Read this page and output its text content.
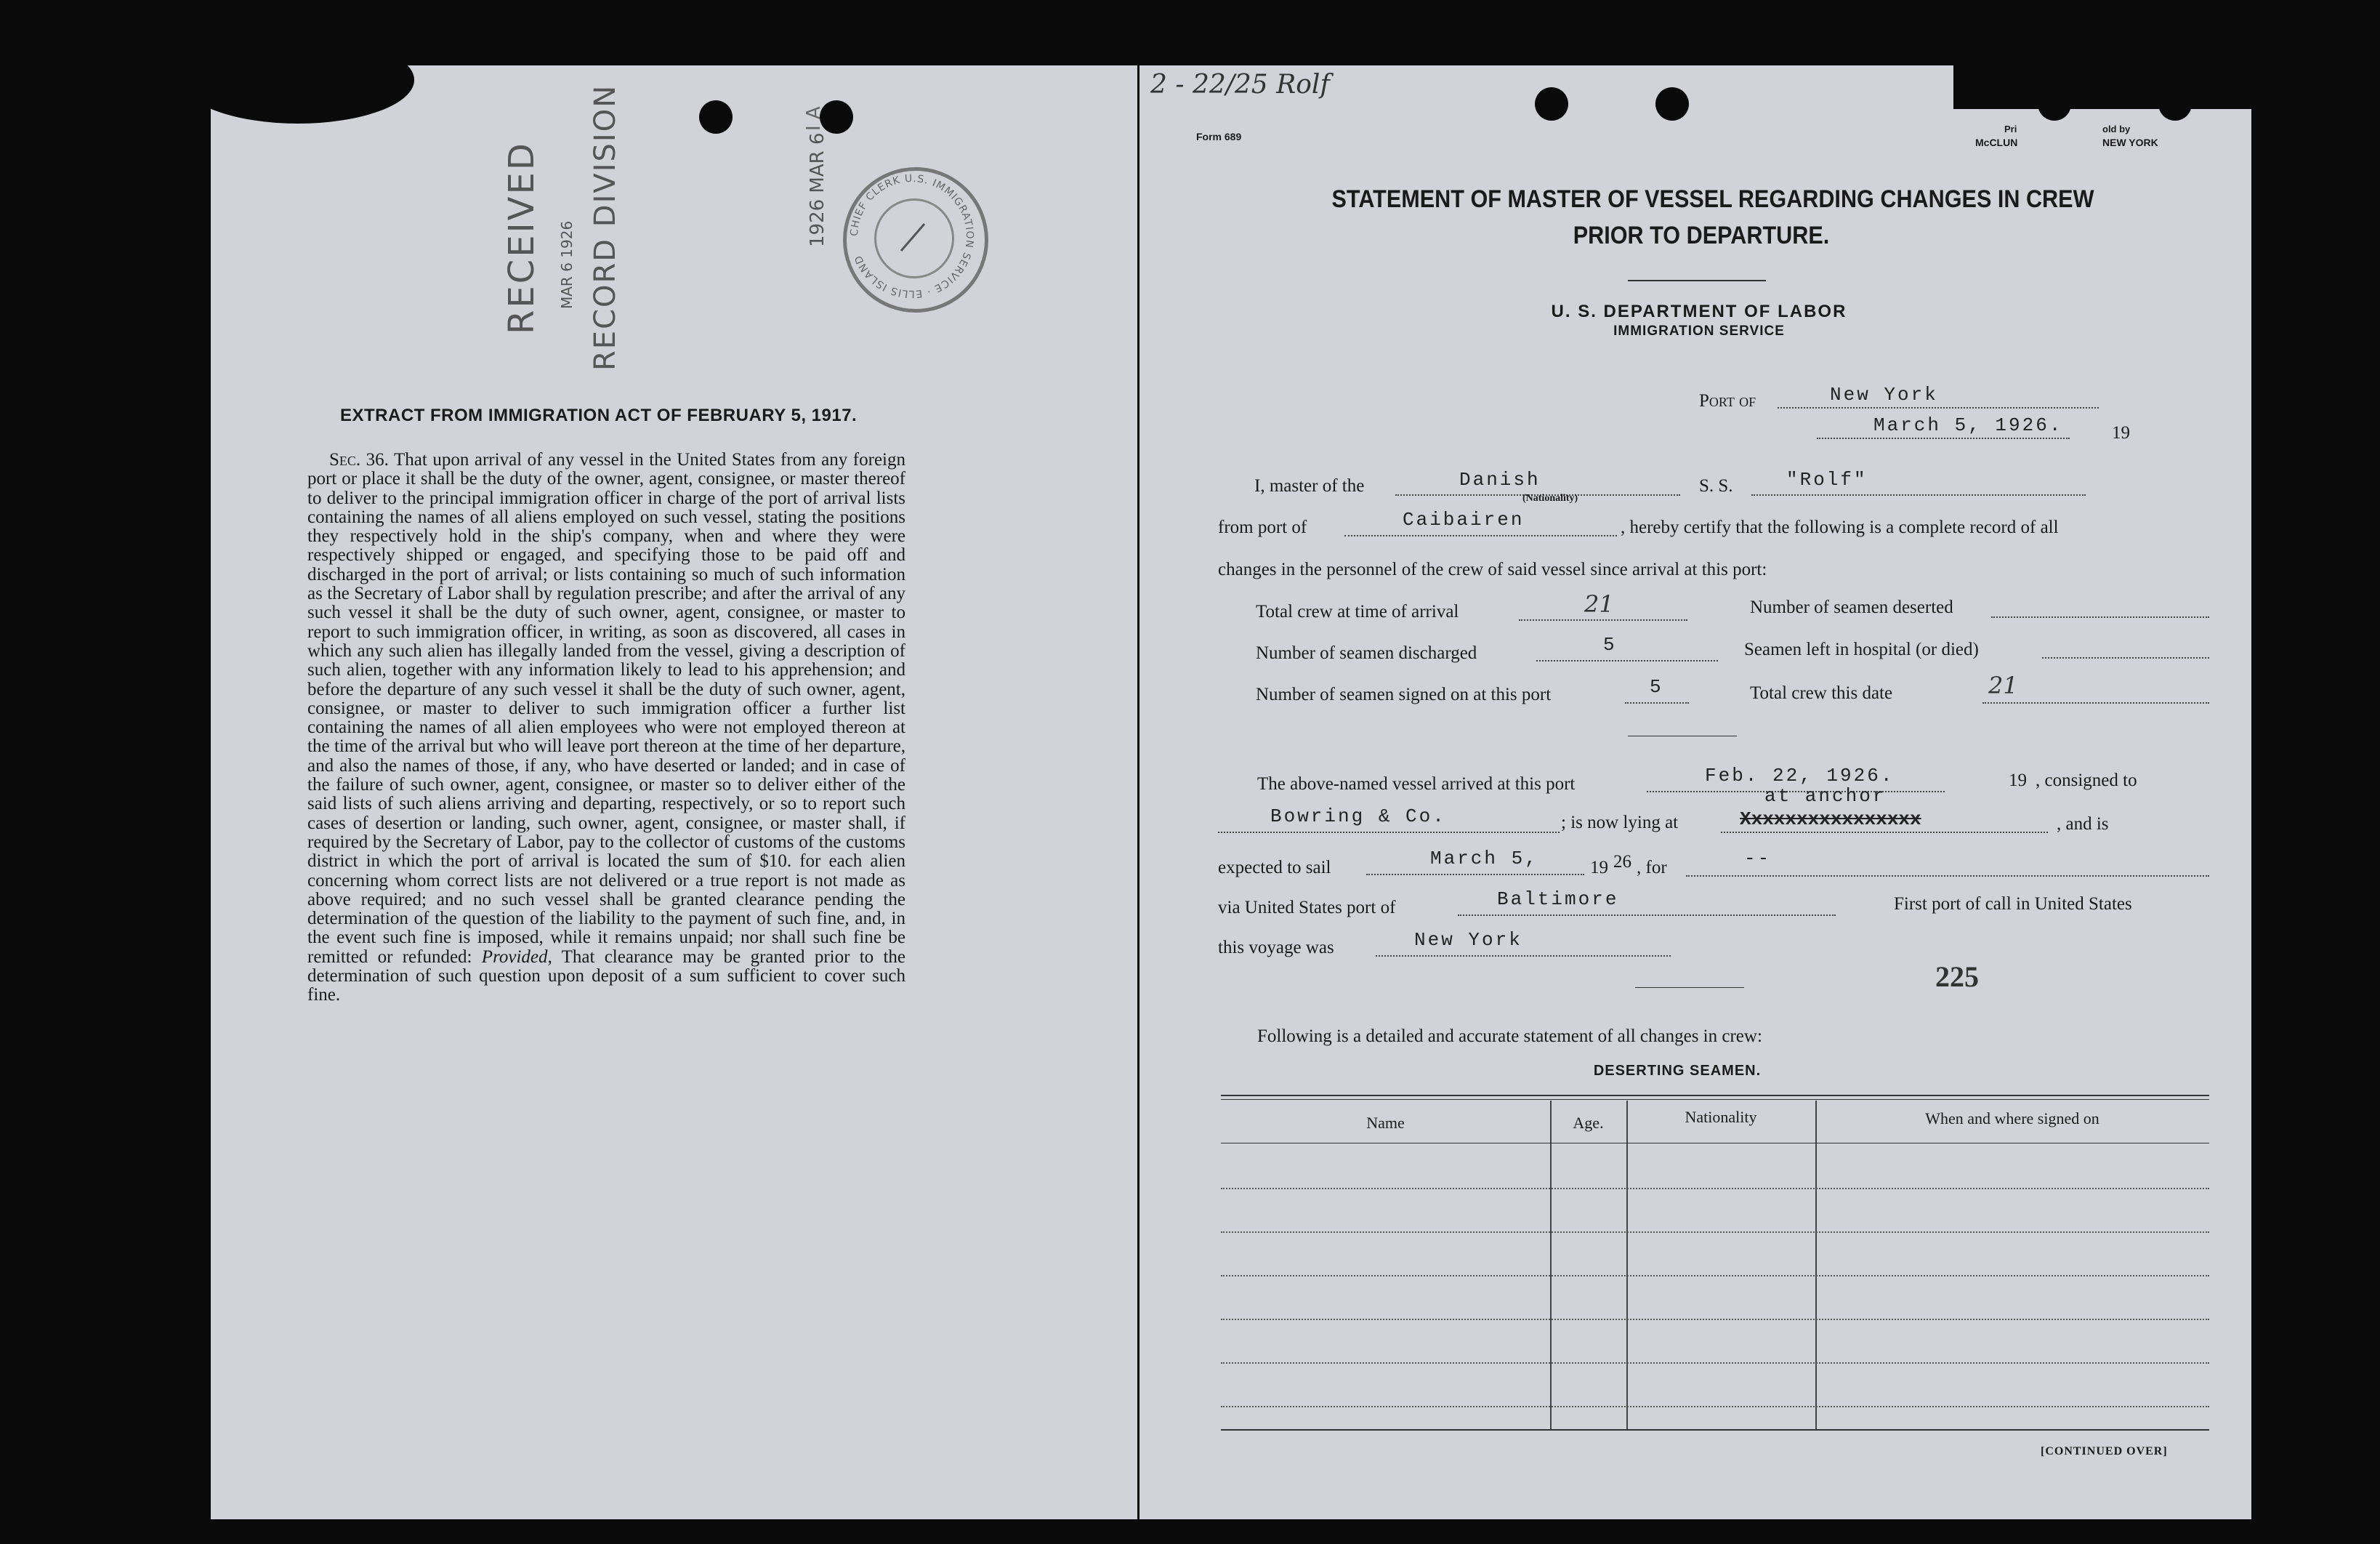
RECEIVED MAR 6 1926 RECORD DIVISION	I A
CHIEF CLERK U.S. IMMIGRATION SERVICE · ELLIS ISLAND
1926 MAR 6
EXTRACT FROM IMMIGRATION ACT OF FEBRUARY 5, 1917.
Sec. 36. That upon arrival of any vessel in the United States from any foreign port or place it shall be the duty of the owner, agent, consignee, or master thereof to deliver to the principal immigration officer in charge of the port of arrival lists containing the names of all aliens employed on such vessel, stating the positions they respectively hold in the ship's company, when and where they were respectively shipped or engaged, and specifying those to be paid off and discharged in the port of arrival; or lists containing so much of such information as the Secretary of Labor shall by regulation prescribe; and after the arrival of any such vessel it shall be the duty of such owner, agent, consignee, or master to report to such immigration officer, in writing, as soon as discovered, all cases in which any such alien has illegally landed from the vessel, giving a description of such alien, together with any information likely to lead to his apprehension; and before the departure of any such vessel it shall be the duty of such owner, agent, consignee, or master to deliver to such immigration officer a further list containing the names of all alien employees who were not employed thereon at the time of the arrival but who will leave port thereon at the time of her departure, and also the names of those, if any, who have deserted or landed; and in case of the failure of such owner, agent, consignee, or master so to deliver either of the said lists of such aliens arriving and departing, respectively, or so to report such cases of desertion or landing, such owner, agent, consignee, or master shall, if required by the Secretary of Labor, pay to the collector of customs of the customs district in which the port of arrival is located the sum of $10. for each alien concerning whom correct lists are not delivered or a true report is not made as above required; and no such vessel shall be granted clearance pending the determination of the question of the liability to the payment of such fine, and, in the event such fine is imposed, while it remains unpaid; nor shall such fine be remitted or refunded: Provided, That clearance may be granted prior to the determination of such question upon deposit of a sum sufficient to cover such fine.
2 - 22/25 Rolf
Form 689
Pri	old by
McCLUN	NEW YORK
STATEMENT OF MASTER OF VESSEL REGARDING CHANGES IN CREW
PRIOR TO DEPARTURE.
U. S. DEPARTMENT OF LABOR
IMMIGRATION SERVICE
Port of	New York
March 5, 1926.	19
I, master of the	Danish
(Nationality)
S. S.	"Rolf"
from port of	Caibairen	, hereby certify that the following is a complete record of all
changes in the personnel of the crew of said vessel since arrival at this port:
Total crew at time of arrival	21	Number of seamen deserted
Number of seamen discharged	5	Seamen left in hospital (or died)
Number of seamen signed on at this port	5	Total crew this date	21
The above-named vessel arrived at this port	Feb. 22, 1926.	19 , consigned to
Bowring & Co.	; is now lying at	Xxxxxxxxxxxxxxxx
at anchor
, and is
expected to sail	March 5,	19 26 , for	--
via United States port of	Baltimore	First port of call in United States
this voyage was	New York
225
Following is a detailed and accurate statement of all changes in crew:
DESERTING SEAMEN.
Name	Age.	Nationality	When and where signed on
[CONTINUED OVER]
